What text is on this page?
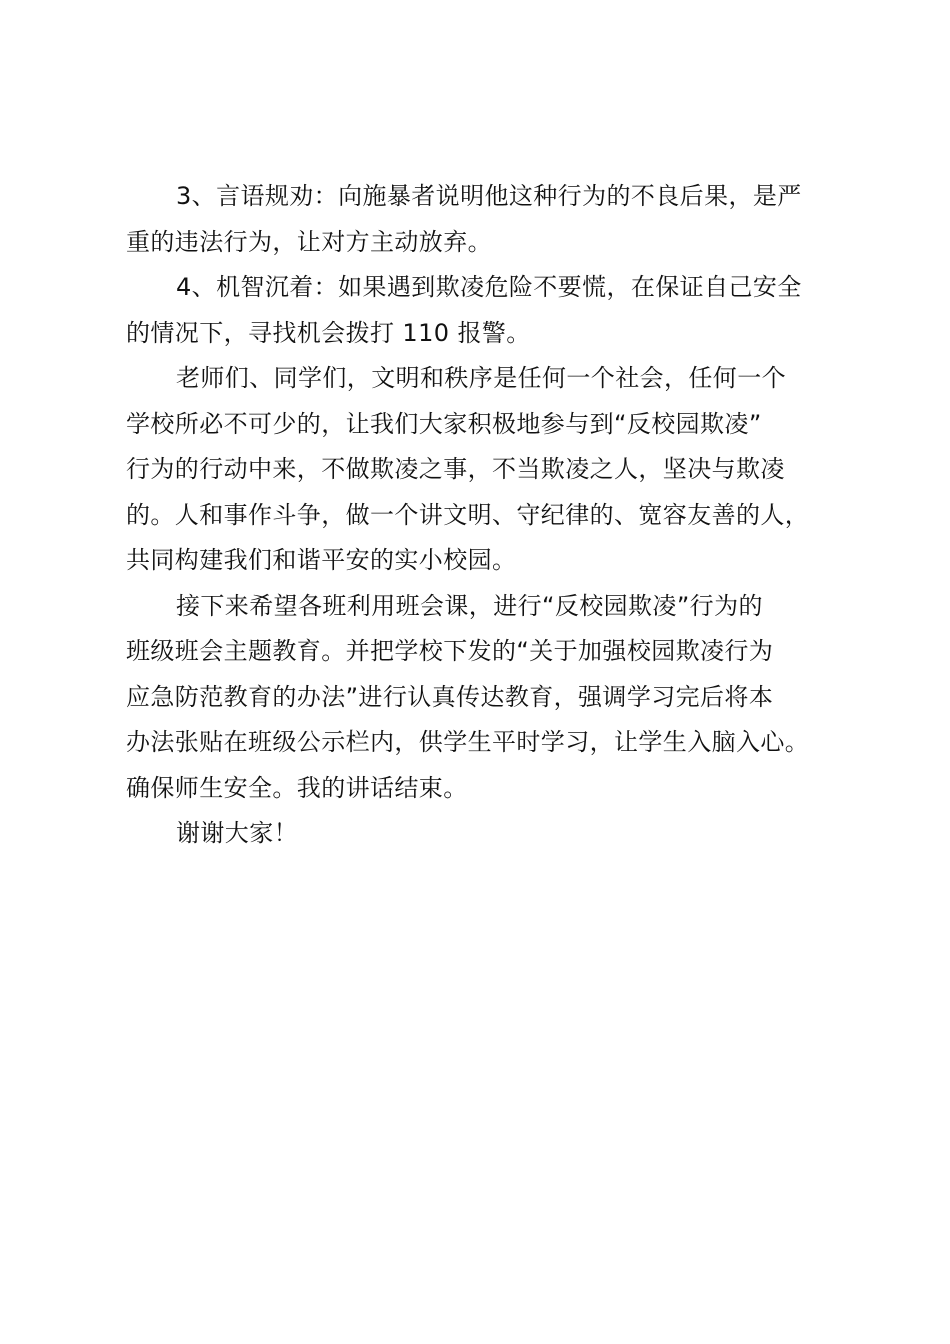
3、言语规劝：向施暴者说明他这种行为的不良后果，是严
重的违法行为，让对方主动放弃。
4、机智沉着：如果遇到欺凌危险不要慌，在保证自己安全
的情况下，寻找机会拨打 110 报警。
老师们、同学们，文明和秩序是任何一个社会，任何一个
学校所必不可少的，让我们大家积极地参与到“反校园欺凌”
行为的行动中来，不做欺凌之事，不当欺凌之人，坚决与欺凌
的。人和事作斗争，做一个讲文明、守纪律的、宽容友善的人，
共同构建我们和谐平安的实小校园。
接下来希望各班利用班会课，进行“反校园欺凌”行为的
班级班会主题教育。并把学校下发的“关于加强校园欺凌行为
应急防范教育的办法”进行认真传达教育，强调学习完后将本
办法张贴在班级公示栏内，供学生平时学习，让学生入脑入心。
确保师生安全。我的讲话结束。
谢谢大家！
